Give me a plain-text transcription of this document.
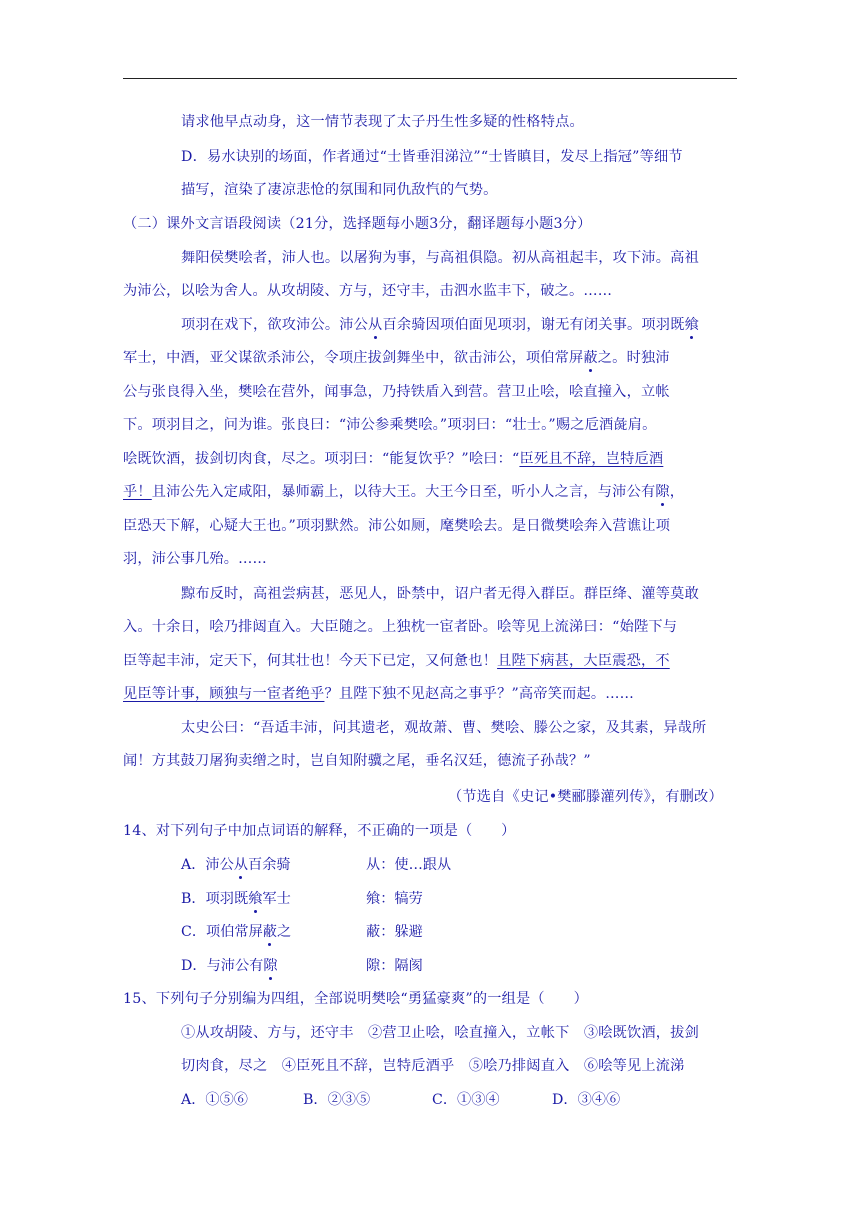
请求他早点动身，这一情节表现了太子丹生性多疑的性格特点。
D．易水诀别的场面，作者通过“士皆垂泪涕泣”“士皆瞋目，发尽上指冠”等细节
描写，渲染了凄凉悲怆的氛围和同仇敌忾的气势。
（二）课外文言语段阅读（21分，选择题每小题3分，翻译题每小题3分）
舞阳侯樊哙者，沛人也。以屠狗为事，与高祖俱隐。初从高祖起丰，攻下沛。高祖
为沛公，以哙为舍人。从攻胡陵、方与，还守丰，击泗水监丰下，破之。……
项羽在戏下，欲攻沛公。沛公从百余骑因项伯面见项羽，谢无有闭关事。项羽既飨
军士，中酒，亚父谋欲杀沛公，令项庄拔剑舞坐中，欲击沛公，项伯常屏蔽之。时独沛
公与张良得入坐，樊哙在营外，闻事急，乃持铁盾入到营。营卫止哙，哙直撞入，立帐
下。项羽目之，问为谁。张良曰：“沛公参乘樊哙。”项羽曰：“壮士。”赐之卮酒彘肩。
哙既饮酒，拔剑切肉食，尽之。项羽曰：“能复饮乎？”哙曰：“臣死且不辞，岂特卮酒
乎！且沛公先入定咸阳，暴师霸上，以待大王。大王今日至，听小人之言，与沛公有隙，
臣恐天下解，心疑大王也。”项羽默然。沛公如厕，麾樊哙去。是日微樊哙奔入营谯让项
羽，沛公事几殆。……
黥布反时，高祖尝病甚，恶见人，卧禁中，诏户者无得入群臣。群臣绛、灌等莫敢
入。十余日，哙乃排闼直入。大臣随之。上独枕一宦者卧。哙等见上流涕曰：“始陛下与
臣等起丰沛，定天下，何其壮也！今天下已定，又何惫也！且陛下病甚，大臣震恐，不
见臣等计事，顾独与一宦者绝乎？且陛下独不见赵高之事乎？”高帝笑而起。……
太史公曰：“吾适丰沛，问其遗老，观故萧、曹、樊哙、滕公之家，及其素，异哉所
闻！方其鼓刀屠狗卖缯之时，岂自知附骥之尾，垂名汉廷，德流子孙哉？”
（节选自《史记•樊郦滕灌列传》，有删改）
14、对下列句子中加点词语的解释，不正确的一项是（　　）
A．沛公从百余骑	从：使…跟从
B．项羽既飨军士	飨：犒劳
C．项伯常屏蔽之	蔽：躲避
D．与沛公有隙	隙：隔阂
15、下列句子分别编为四组，全部说明樊哙“勇猛豪爽”的一组是（　　）
①从攻胡陵、方与，还守丰　②营卫止哙，哙直撞入，立帐下　③哙既饮酒，拔剑
切肉食，尽之　④臣死且不辞，岂特卮酒乎　⑤哙乃排闼直入　⑥哙等见上流涕
A．①⑤⑥	B．②③⑤	C．①③④	D．③④⑥
